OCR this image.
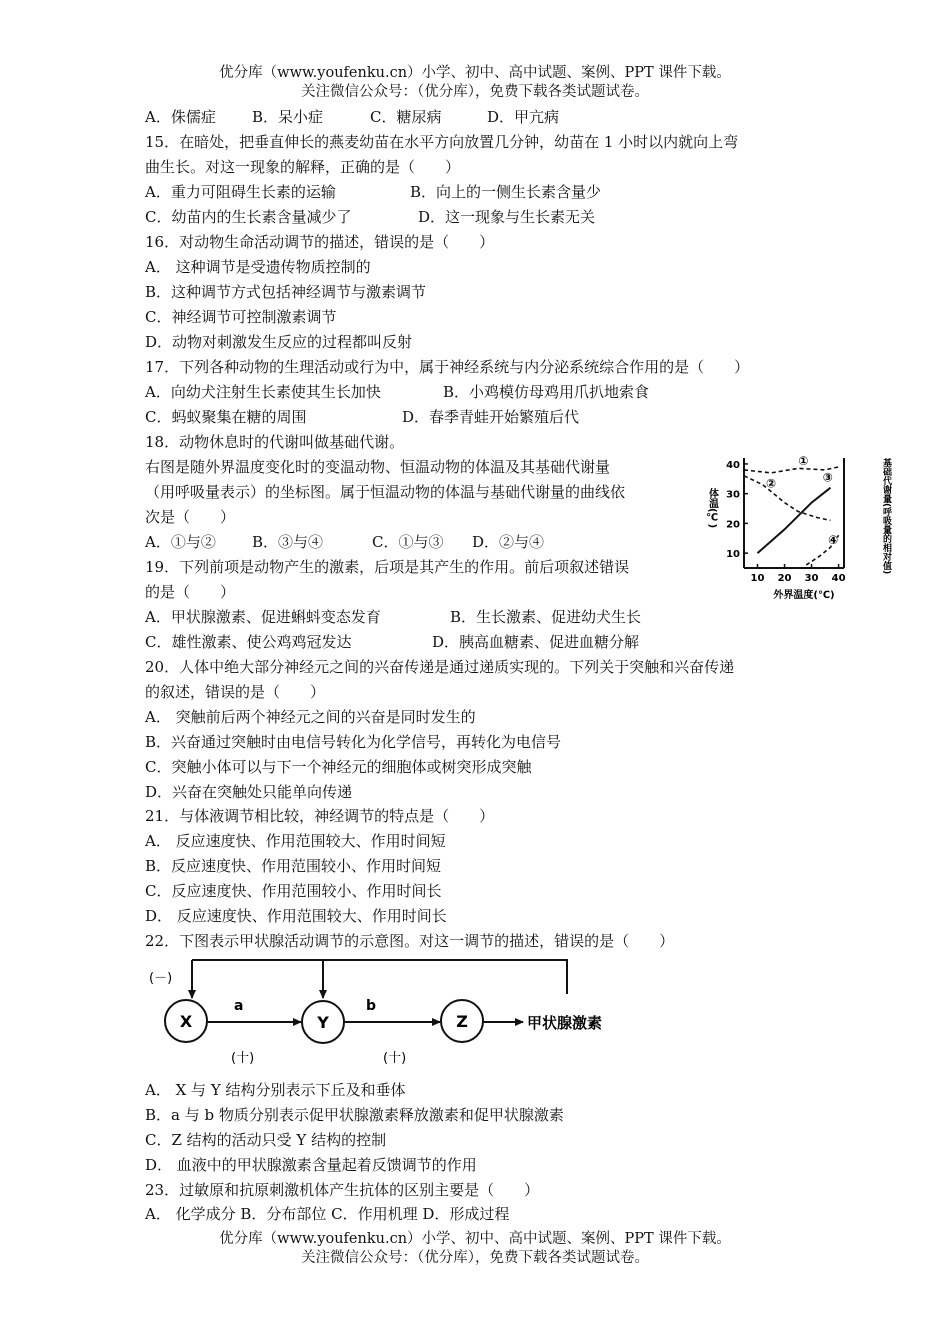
优分库（www.youfenku.cn）小学、初中、高中试题、案例、PPT 课件下载。
关注微信公众号：（优分库），免费下载各类试题试卷。
A．侏儒症 B．呆小症	C．糖尿病	D．甲亢病
15．在暗处，把垂直伸长的燕麦幼苗在水平方向放置几分钟，幼苗在 1 小时以内就向上弯
曲生长。对这一现象的解释，正确的是（　　）
A．重力可阻碍生长素的运输	B．向上的一侧生长素含量少
C．幼苗内的生长素含量减少了	D．这一现象与生长素无关
16．对动物生命活动调节的描述，错误的是（　　）
A． 这种调节是受遗传物质控制的
B．这种调节方式包括神经调节与激素调节
C．神经调节可控制激素调节
D．动物对刺激发生反应的过程都叫反射
17．下列各种动物的生理活动或行为中，属于神经系统与内分泌系统综合作用的是（　　）
A．向幼犬注射生长素使其生长加快	B．小鸡模仿母鸡用爪扒地索食
C．蚂蚁聚集在糖的周围	D．春季青蛙开始繁殖后代
18．动物休息时的代谢叫做基础代谢。
右图是随外界温度变化时的变温动物、恒温动物的体温及其基础代谢量
（用呼吸量表示）的坐标图。属于恒温动物的体温与基础代谢量的曲线依
次是（　　）
A．①与② B．③与④	C．①与③ D．②与④
10 20 30 40
10
20
30
40
外界温度(℃)
体温(℃)	基础代谢量(呼吸量的相对值)
①
②	③
④
19．下列前项是动物产生的激素，后项是其产生的作用。前后项叙述错误
的是（　　）
A．甲状腺激素、促进蝌蚪变态发育	B．生长激素、促进幼犬生长
C．雄性激素、使公鸡鸡冠发达	D．胰高血糖素、促进血糖分解
20．人体中绝大部分神经元之间的兴奋传递是通过递质实现的。下列关于突触和兴奋传递
的叙述，错误的是（　　）
A． 突触前后两个神经元之间的兴奋是同时发生的
B．兴奋通过突触时由电信号转化为化学信号，再转化为电信号
C．突触小体可以与下一个神经元的细胞体或树突形成突触
D．兴奋在突触处只能单向传递
21．与体液调节相比较，神经调节的特点是（　　）
A． 反应速度快、作用范围较大、作用时间短
B．反应速度快、作用范围较小、作用时间短
C．反应速度快、作用范围较小、作用时间长
D． 反应速度快、作用范围较大、作用时间长
22．下图表示甲状腺活动调节的示意图。对这一调节的描述，错误的是（　　）
X	Y	Z
a	b
(－)
(十)	(十)
甲状腺激素
A． X 与 Y 结构分别表示下丘及和垂体
B．a 与 b 物质分别表示促甲状腺激素释放激素和促甲状腺激素
C．Z 结构的活动只受 Y 结构的控制
D． 血液中的甲状腺激素含量起着反馈调节的作用
23．过敏原和抗原刺激机体产生抗体的区别主要是（　　）
A． 化学成分 B．分布部位 C．作用机理 D．形成过程
优分库（www.youfenku.cn）小学、初中、高中试题、案例、PPT 课件下载。
关注微信公众号：（优分库），免费下载各类试题试卷。
